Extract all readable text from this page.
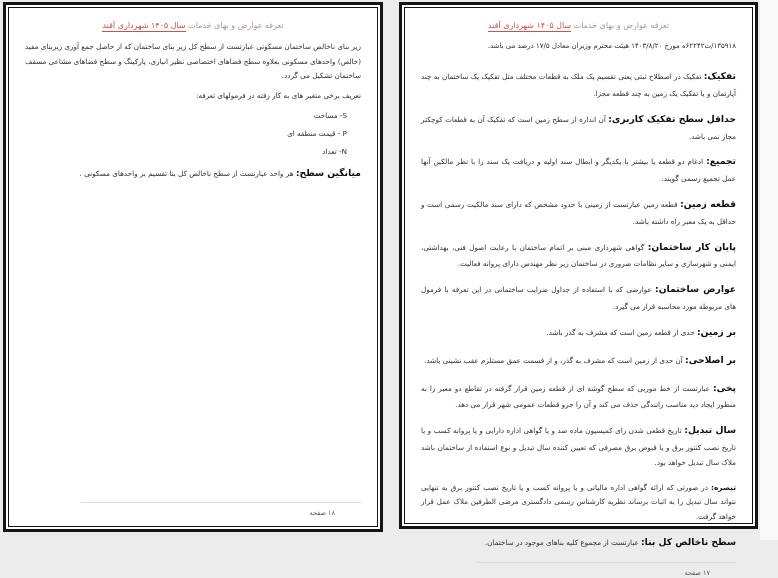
تعرفه عوارض و بهای خدمات سال ۱۴۰۵ شهرداری آقند

زیر بنای ناخالص ساختمان مسکونی عبارتست از سطح کل زیر بنای ساختمان که از حاصل جمع آوری زیربنای مفید (خالص) واحدهای مسکونی بعلاوه سطح فضاهای اختصاصی نظیر انباری، پارکینگ و سطح فضاهای مشاعی مسقف ساختمان تشکیل می گردد.

تعریف برخی متغیر های به کار رفته در فرمولهای تعرفه:

S- مساحت
P - قیمت منطقه ای
N- تعداد

میانگین سطح: هر واحد عبارتست از سطح ناخالص کل بنا تقسیم بر واحدهای مسکونی .

۱۸ صفحه
تعرفه عوارض و بهای خدمات سال ۱۴۰۵ شهرداری آقند

۱۳۵۹۱۸/ت۶۲۲۴۲ه مورخ ۱۴۰۳/۸/۲۰ هیئت محترم وزیران معادل ۱۷/۵ درصد می باشد.

تفکیک: تفکیک در اصطلاح ثبتی یعنی تقسیم یک ملک به قطعات مختلف مثل تفکیک یک ساختمان به چند آپارتمان و یا تفکیک یک زمین به چند قطعه مجزا.

حداقل سطح تفکیک کاربری: آن اندازه از سطح زمین است که تفکیک آن به قطعات کوچکتر مجاز نمی باشد.

تجمیع: ادغام دو قطعه یا بیشتر با یکدیگر و ابطال سند اولیه و دریافت یک سند را با نظر مالکین آنها عمل تجمیع رسمی گویند.

قطعه زمین: قطعه زمین عبارتست از زمینی با حدود مشخص که دارای سند مالکیت رسمی است و حداقل به یک معبر راه داشته باشد.

پایان کار ساختمان: گواهی شهرداری مبنی بر اتمام ساختمان با رعایت اصول فنی، بهداشتی، ایمنی و شهرسازی و سایر نظامات ضروری در ساختمان زیر نظر مهندس دارای پروانه فعالیت.

عوارض ساختمان: عوارضی که با استفاده از جداول ضرایب ساختمانی در این تعرفه با فرمول های مربوطه مورد محاسبه قرار می گیرد.

بر زمین: حدی از قطعه زمین است که مشرف به گذر باشد.

بر اصلاحی: آن حدی از زمین است که مشرف به گذر، و از قسمت عمق مستلزم عقب نشینی باشد.

پخی: عبارتست از خط موربی که سطح گوشه ای از قطعه زمین قرار گرفته در تقاطع دو معبر را به منظور ایجاد دید مناسب رانندگی حذف می کند و آن را جزو قطعات عمومی شهر قرار می دهد.

سال تبدیل: تاریخ قطعی شدن رای کمیسیون ماده صد و یا گواهی اداره دارایی و یا پروانه کسب و یا تاریخ نصب کنتور برق و یا قبوض برق مصرفی که تعیین کننده سال تبدیل و نوع استفاده از ساختمان باشد ملاک سال تبدیل خواهد بود.

تبصره: در صورتی که ارائه گواهی اداره مالیاتی و یا پروانه کسب و یا تاریخ نصب کنتور برق به تنهایی نتواند سال تبدیل را به اثبات برساند نظریه کارشناس رسمی دادگستری مرضی الطرفین ملاک عمل قرار خواهد گرفت.

سطح ناخالص کل بنا: عبارتست از مجموع کلیه بناهای موجود در ساختمان.

۱۷ صفحه
